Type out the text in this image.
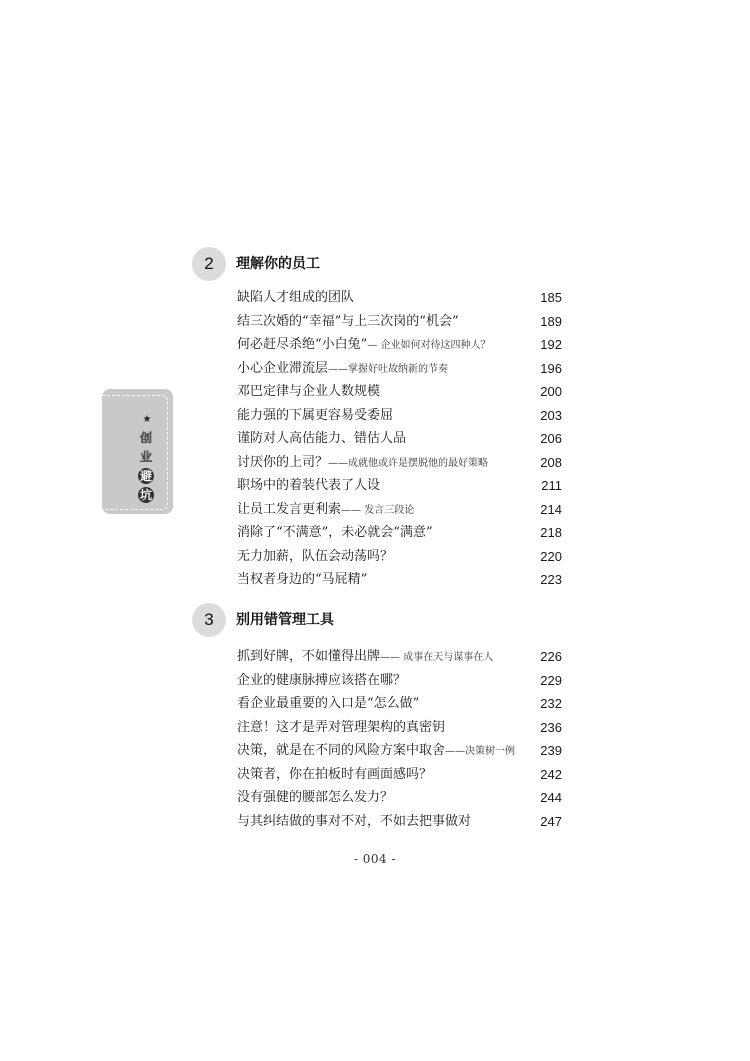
★
创
业
避
坑
2	理解你的员工
缺陷人才组成的团队	185
结三次婚的“幸福”与上三次岗的“机会”	189
何必赶尽杀绝“小白兔”— 企业如何对待这四种人？	192
小心企业滞流层——掌握好吐故纳新的节奏	196
邓巴定律与企业人数规模	200
能力强的下属更容易受委屈	203
谨防对人高估能力、错估人品	206
讨厌你的上司？——成就他或许是摆脱他的最好策略	208
职场中的着装代表了人设	211
让员工发言更利索—— 发言三段论	214
消除了“不满意”，未必就会“满意”	218
无力加薪，队伍会动荡吗？	220
当权者身边的“马屁精”	223
3	别用错管理工具
抓到好牌，不如懂得出牌—— 成事在天与谋事在人	226
企业的健康脉搏应该搭在哪？	229
看企业最重要的入口是“怎么做”	232
注意！这才是弄对管理架构的真密钥	236
决策，就是在不同的风险方案中取舍——决策树一例 239
决策者，你在拍板时有画面感吗？	242
没有强健的腰部怎么发力？	244
与其纠结做的事对不对，不如去把事做对	247
- 004 -
